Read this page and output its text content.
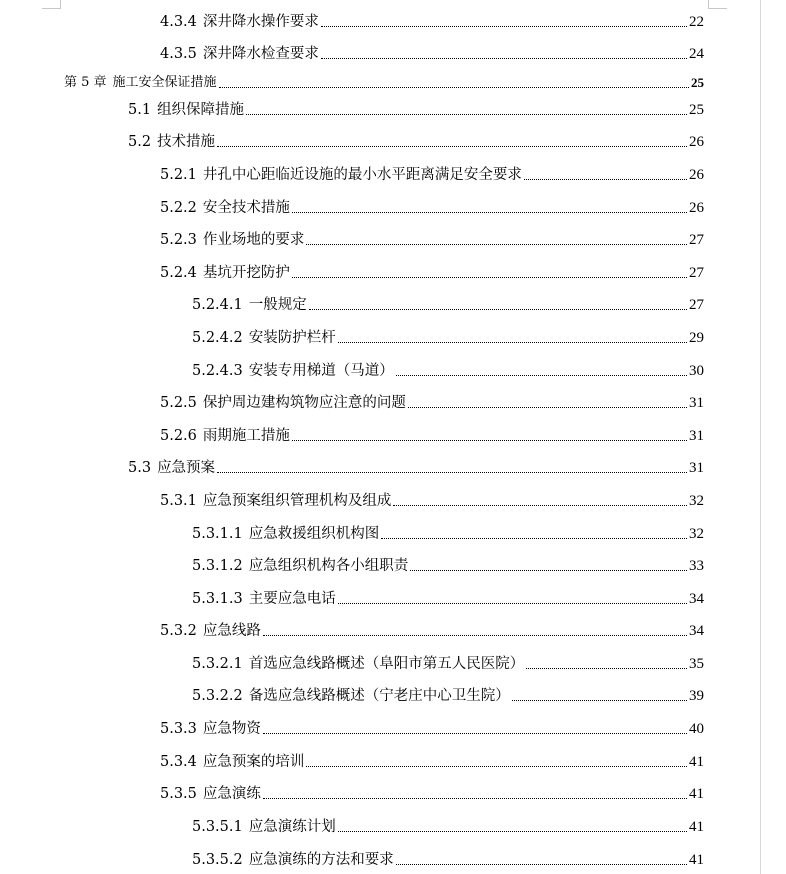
4.3.4 深井降水操作要求	22
4.3.5 深井降水检查要求	24
第 5 章 施工安全保证措施	25
5.1 组织保障措施	25
5.2 技术措施	26
5.2.1 井孔中心距临近设施的最小水平距离满足安全要求	26
5.2.2 安全技术措施	26
5.2.3 作业场地的要求	27
5.2.4 基坑开挖防护	27
5.2.4.1 一般规定	27
5.2.4.2 安装防护栏杆	29
5.2.4.3 安装专用梯道（马道）	30
5.2.5 保护周边建构筑物应注意的问题	31
5.2.6 雨期施工措施	31
5.3 应急预案	31
5.3.1 应急预案组织管理机构及组成	32
5.3.1.1 应急救援组织机构图	32
5.3.1.2 应急组织机构各小组职责	33
5.3.1.3 主要应急电话	34
5.3.2 应急线路	34
5.3.2.1 首选应急线路概述（阜阳市第五人民医院）	35
5.3.2.2 备选应急线路概述（宁老庄中心卫生院）	39
5.3.3 应急物资	40
5.3.4 应急预案的培训	41
5.3.5 应急演练	41
5.3.5.1 应急演练计划	41
5.3.5.2 应急演练的方法和要求	41
